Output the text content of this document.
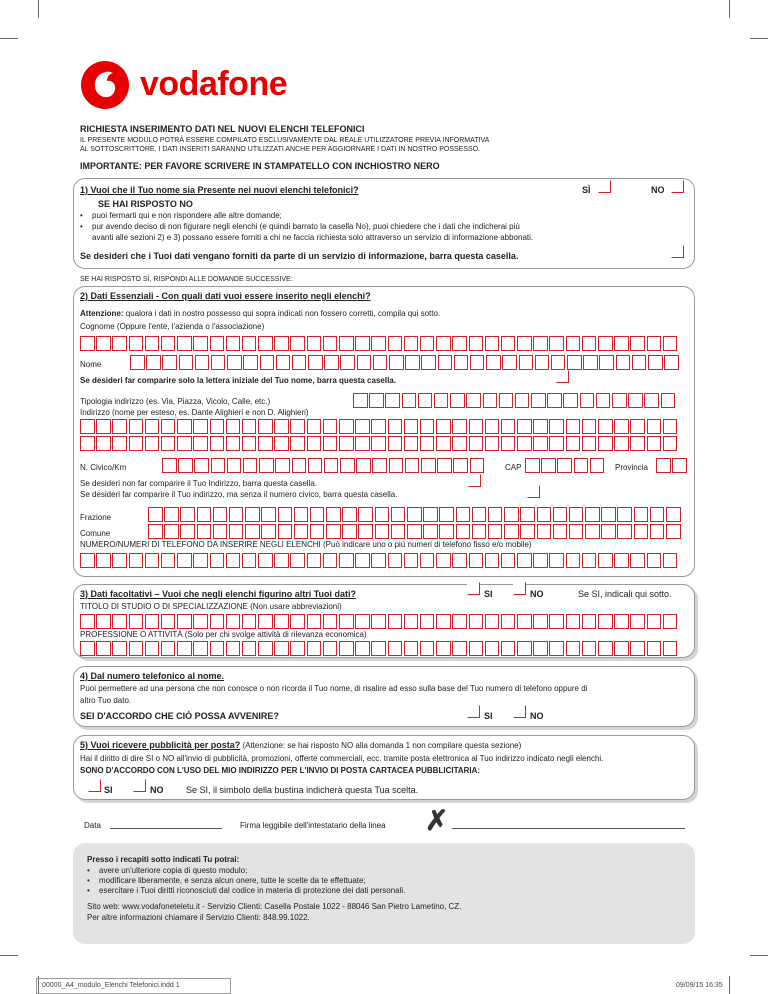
vodafone
RICHIESTA INSERIMENTO DATI NEL NUOVI ELENCHI TELEFONICI
IL PRESENTE MODULO POTRÀ ESSERE COMPILATO ESCLUSIVAMENTE DAL REALE UTILIZZATORE PREVIA INFORMATIVA
AL SOTTOSCRITTORE. I DATI INSERITI SARANNO UTILIZZATI ANCHE PER AGGIORNARE I DATI IN NOSTRO POSSESSO.
IMPORTANTE: PER FAVORE SCRIVERE IN STAMPATELLO CON INCHIOSTRO NERO
1) Vuoi che il Tuo nome sia Presente nei nuovi elenchi telefonici?	SÌ	NO
SE HAI RISPOSTO NO
• puoi fermarti qui e non rispondere alle altre domande;
• pur avendo deciso di non figurare negli elenchi (e quindi barrato la casella No), puoi chiedere che i dati che indicherai più
avanti alle sezioni 2) e 3) possano essere forniti a chi ne faccia richiesta solo attraverso un servizio di informazione abbonati.
Se desideri che i Tuoi dati vengano forniti da parte di un servizio di informazione, barra questa casella.
SE HAI RISPOSTO SÌ, RISPONDI ALLE DOMANDE SUCCESSIVE:
2) Dati Essenziali - Con quali dati vuoi essere inserito negli elenchi?
Attenzione: qualora i dati in nostro possesso qui sopra indicati non fossero corretti, compila qui sotto.
Cognome (Oppure l'ente, l'azienda o l'associazione)
Nome
Se desideri far comparire solo la lettera iniziale del Tuo nome, barra questa casella.
Tipologia indirizzo (es. Via, Piazza, Vicolo, Calle, etc.)
Indirizzo (nome per esteso, es. Dante Alighieri e non D. Alighieri)
N. Civico/Km	CAP	Provincia
Se desideri non far comparire il Tuo Indirizzo, barra questa casella.
Se desideri far comparire il Tuo indirizzo, ma senza il numero civico, barra questa casella.
Frazione
Comune
NUMERO/NUMERI DI TELEFONO DA INSERIRE NEGLI ELENCHI (Può indicare uno o più numeri di telefono fisso e/o mobile)
3) Dati facoltativi – Vuoi che negli elenchi figurino altri Tuoi dati?	SI	NO	Se SI, indicali qui sotto.
TITOLO DI STUDIO O DI SPECIALIZZAZIONE (Non usare abbreviazioni)
PROFESSIONE O ATTIVITÀ (Solo per chi svolge attività di rilevanza economica)
4) Dal numero telefonico al nome.
Puoi permettere ad una persona che non conosce o non ricorda il Tuo nome, di risalire ad esso sulla base del Tuo numero di telefono oppure di
altro Tuo dato.
SEI D'ACCORDO CHE CIÒ POSSA AVVENIRE?	SI	NO
5) Vuoi ricevere pubblicità per posta? (Attenzione: se hai risposto NO alla domanda 1 non compilare questa sezione)
Hai il diritto di dire SI o NO all'invio di pubblicità, promozioni, offerte commerciali, ecc. tramite posta elettronica al Tuo indirizzo indicato negli elenchi.
SONO D'ACCORDO CON L'USO DEL MIO INDIRIZZO PER L'INVIO DI POSTA CARTACEA PUBBLICITARIA:
SI	NO	Se SI, il simbolo della bustina indicherà questa Tua scelta.
Data	Firma leggibile dell'intestatario della linea ✗
Presso i recapiti sotto indicati Tu potrai:
• avere un'ulteriore copia di questo modulo;
• modificare liberamente, e senza alcun onere, tutte le scelte da te effettuate;
• esercitare i Tuoi diritti riconosciuti dal codice in materia di protezione dei dati personali.
Sito web: www.vodafoneteletu.it - Servizio Clienti: Casella Postale 1022 - 88046 San Pietro Lametino, CZ.
Per altre informazioni chiamare il Servizio Clienti: 848.99.1022.
00000_A4_modulo_Elenchi Telefonici.indd 1	09/09/15 16:35
